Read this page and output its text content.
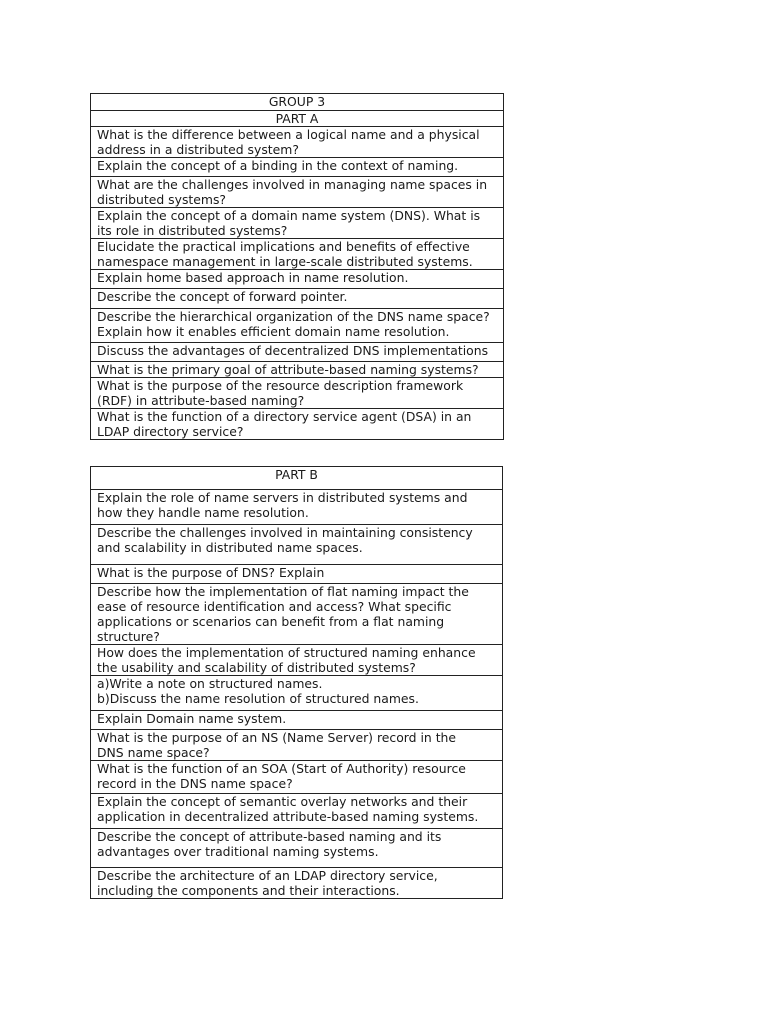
GROUP 3
PART A
What is the difference between a logical name and a physical
address in a distributed system?
Explain the concept of a binding in the context of naming.
What are the challenges involved in managing name spaces in
distributed systems?
Explain the concept of a domain name system (DNS). What is
its role in distributed systems?
Elucidate the practical implications and benefits of effective
namespace management in large-scale distributed systems.
Explain home based approach in name resolution.
Describe the concept of forward pointer.
Describe the hierarchical organization of the DNS name space?
Explain how it enables efficient domain name resolution.
Discuss the advantages of decentralized DNS implementations
What is the primary goal of attribute-based naming systems?
What is the purpose of the resource description framework
(RDF) in attribute-based naming?
What is the function of a directory service agent (DSA) in an
LDAP directory service?
PART B
Explain the role of name servers in distributed systems and
how they handle name resolution.
Describe the challenges involved in maintaining consistency
and scalability in distributed name spaces.
What is the purpose of DNS? Explain
Describe how the implementation of flat naming impact the
ease of resource identification and access? What specific
applications or scenarios can benefit from a flat naming
structure?
How does the implementation of structured naming enhance
the usability and scalability of distributed systems?
a)Write a note on structured names.
b)Discuss the name resolution of structured names.
Explain Domain name system.
What is the purpose of an NS (Name Server) record in the
DNS name space?
What is the function of an SOA (Start of Authority) resource
record in the DNS name space?
Explain the concept of semantic overlay networks and their
application in decentralized attribute-based naming systems.
Describe the concept of attribute-based naming and its
advantages over traditional naming systems.
Describe the architecture of an LDAP directory service,
including the components and their interactions.
